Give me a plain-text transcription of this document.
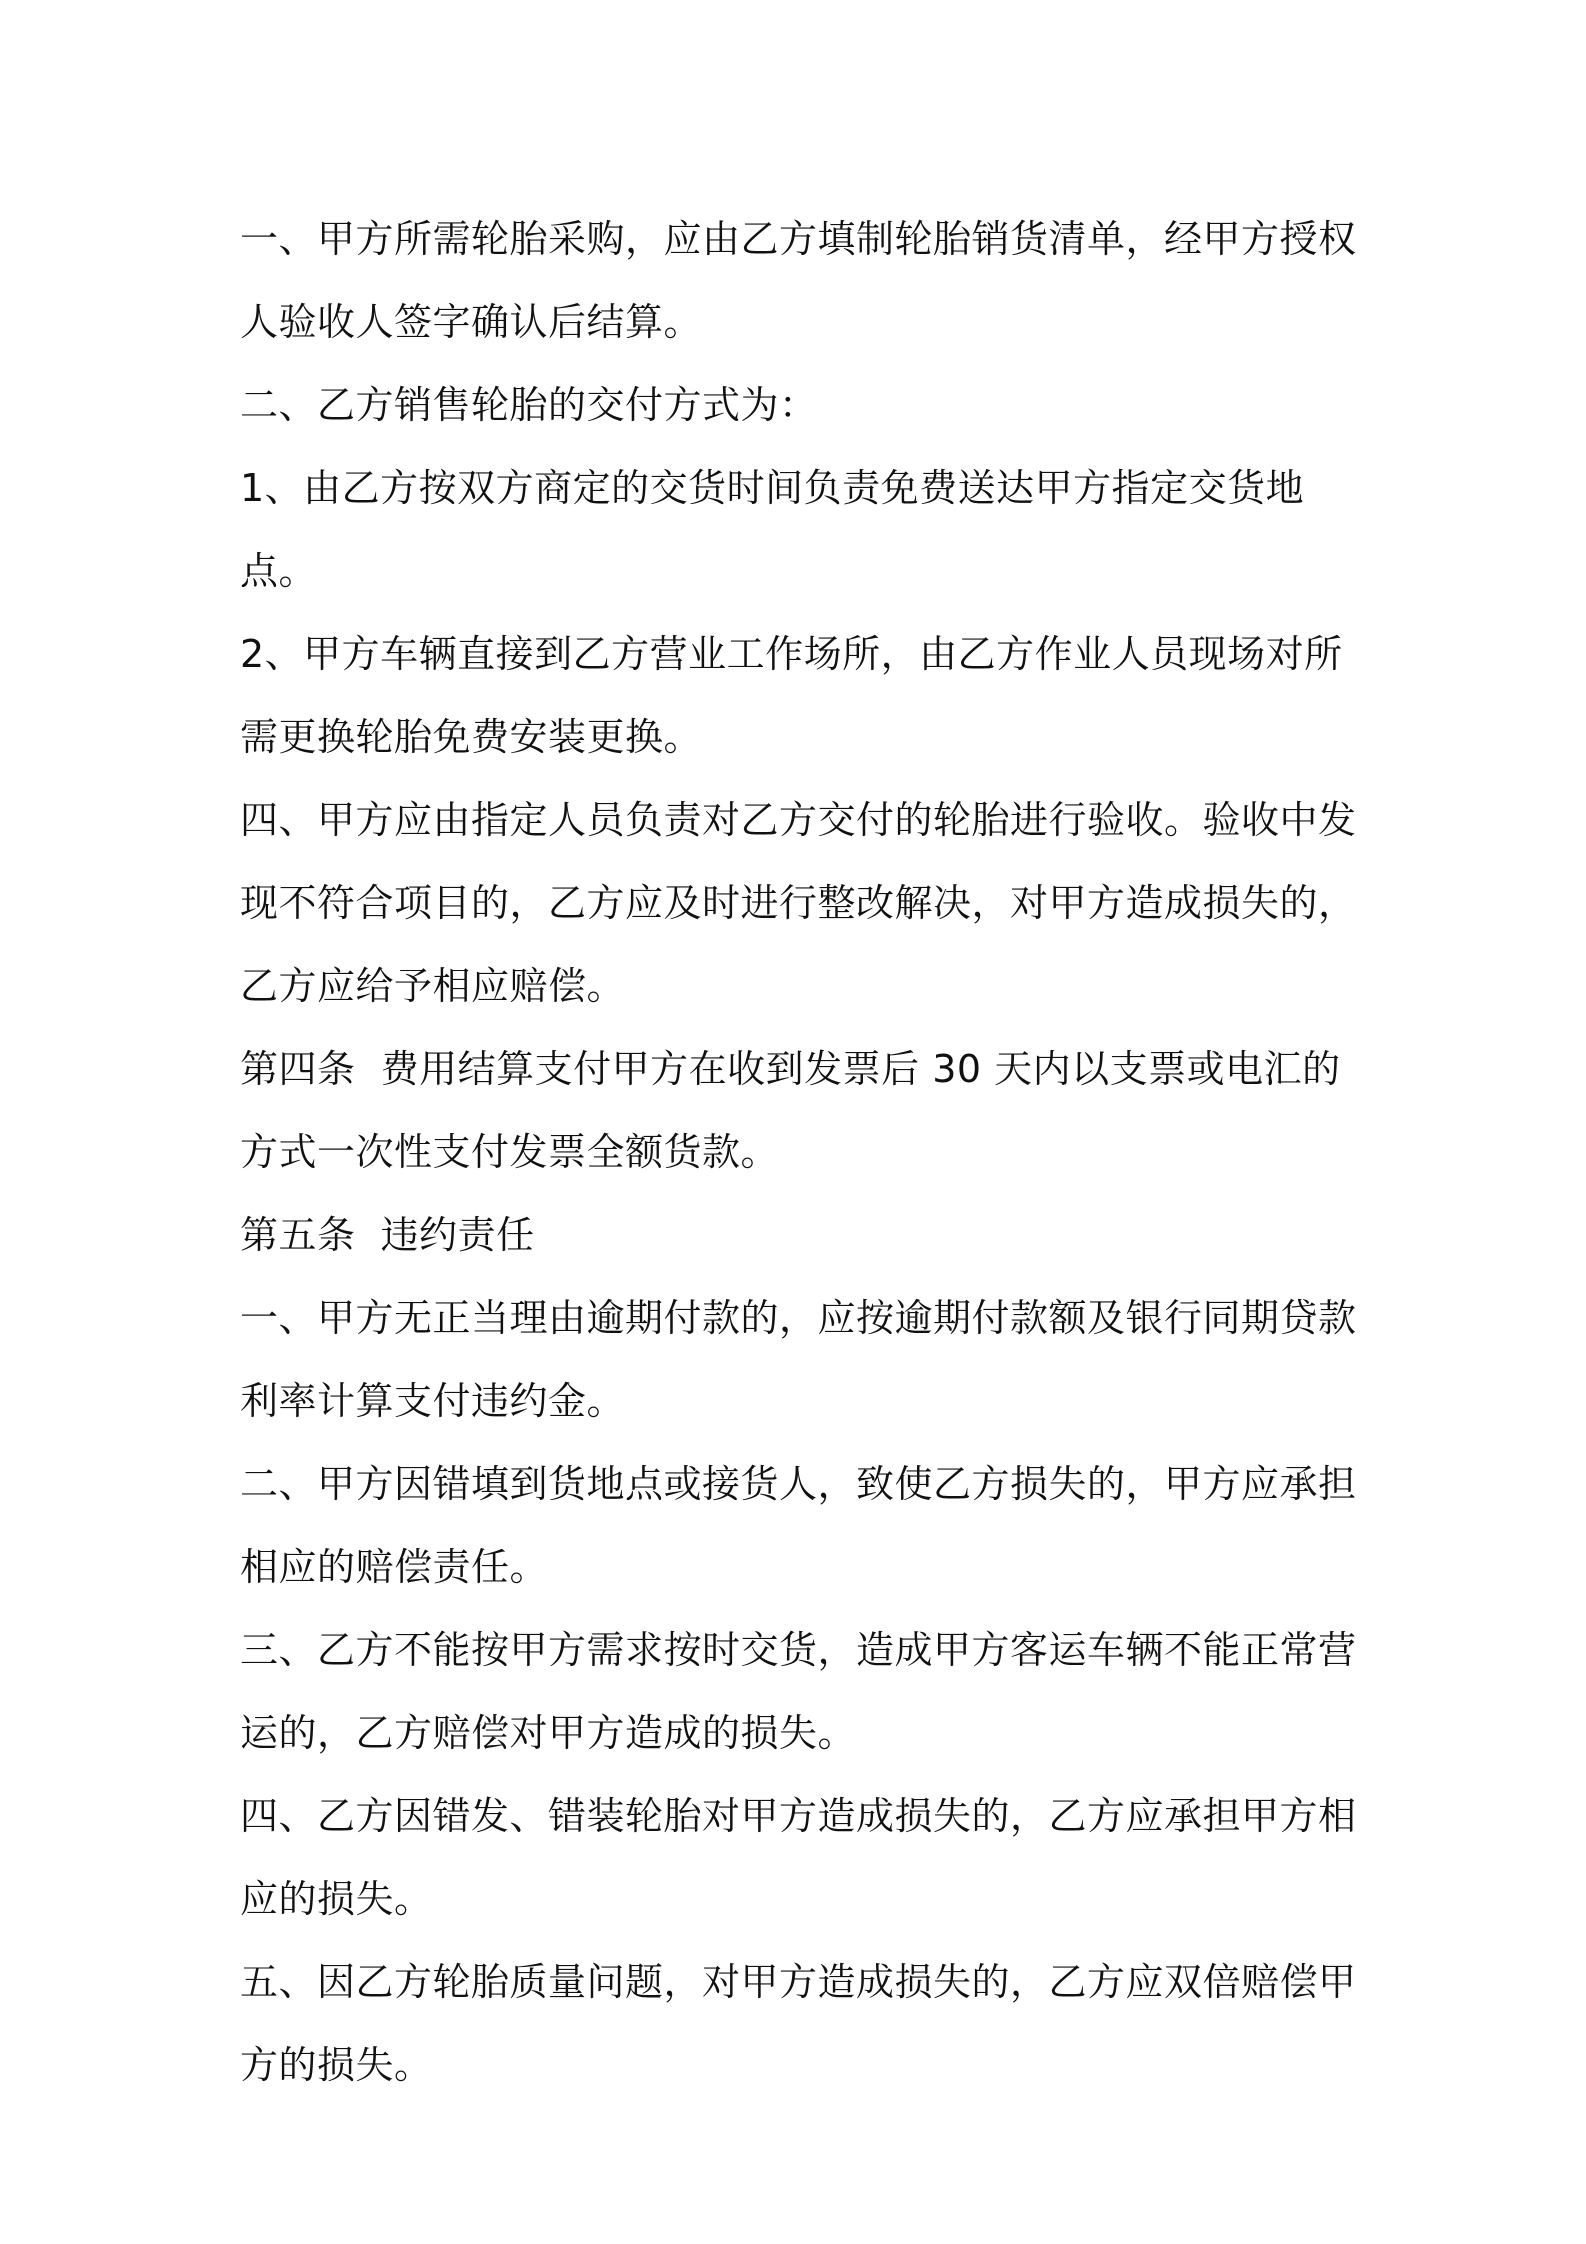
一、甲方所需轮胎采购，应由乙方填制轮胎销货清单，经甲方授权人验收人签字确认后结算。

二、乙方销售轮胎的交付方式为：

1、由乙方按双方商定的交货时间负责免费送达甲方指定交货地点。

2、甲方车辆直接到乙方营业工作场所，由乙方作业人员现场对所需更换轮胎免费安装更换。

四、甲方应由指定人员负责对乙方交付的轮胎进行验收。验收中发现不符合项目的，乙方应及时进行整改解决，对甲方造成损失的，乙方应给予相应赔偿。

第四条  费用结算支付甲方在收到发票后 30 天内以支票或电汇的方式一次性支付发票全额货款。

第五条  违约责任

一、甲方无正当理由逾期付款的，应按逾期付款额及银行同期贷款利率计算支付违约金。

二、甲方因错填到货地点或接货人，致使乙方损失的，甲方应承担相应的赔偿责任。

三、乙方不能按甲方需求按时交货，造成甲方客运车辆不能正常营运的，乙方赔偿对甲方造成的损失。

四、乙方因错发、错装轮胎对甲方造成损失的，乙方应承担甲方相应的损失。

五、因乙方轮胎质量问题，对甲方造成损失的，乙方应双倍赔偿甲方的损失。
